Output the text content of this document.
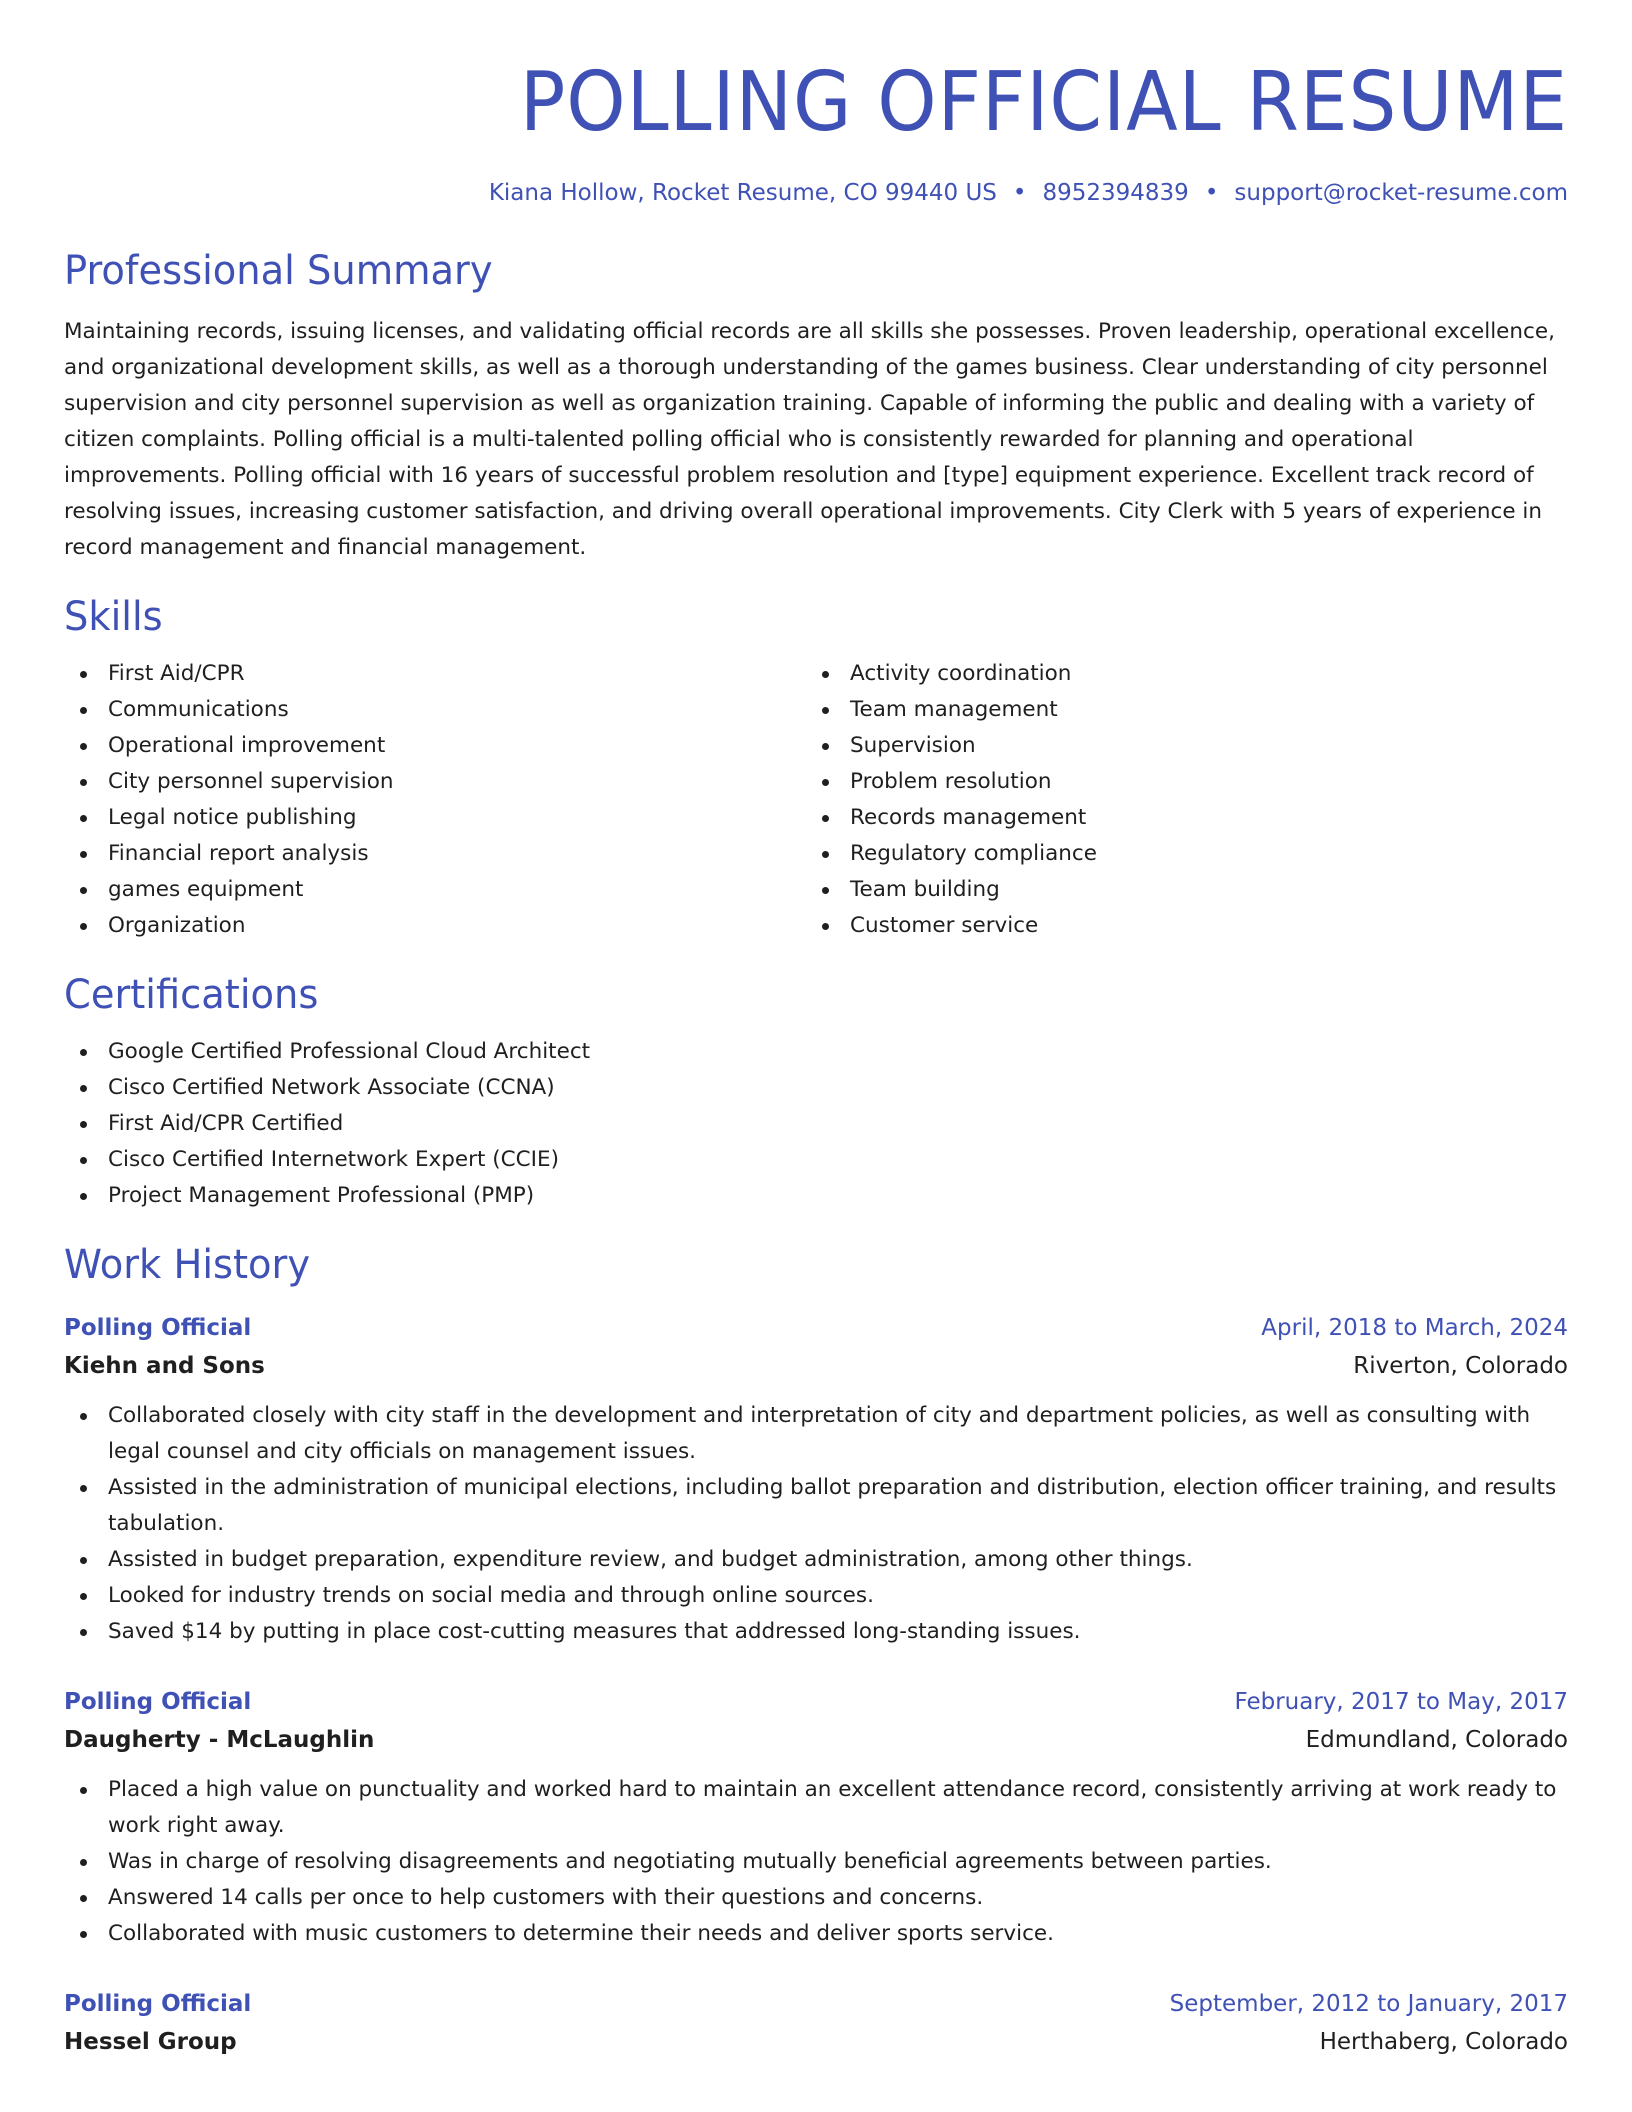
POLLING OFFICIAL RESUME
Kiana Hollow, Rocket Resume, CO 99440 US • 8952394839 • support@rocket-resume.com
Professional Summary
Maintaining records, issuing licenses, and validating official records are all skills she possesses. Proven leadership, operational excellence, and organizational development skills, as well as a thorough understanding of the games business. Clear understanding of city personnel supervision and city personnel supervision as well as organization training. Capable of informing the public and dealing with a variety of citizen complaints. Polling official is a multi-talented polling official who is consistently rewarded for planning and operational improvements. Polling official with 16 years of successful problem resolution and [type] equipment experience. Excellent track record of resolving issues, increasing customer satisfaction, and driving overall operational improvements. City Clerk with 5 years of experience in record management and financial management.
Skills
First Aid/CPR
Communications
Operational improvement
City personnel supervision
Legal notice publishing
Financial report analysis
games equipment
Organization
Activity coordination
Team management
Supervision
Problem resolution
Records management
Regulatory compliance
Team building
Customer service
Certifications
Google Certified Professional Cloud Architect
Cisco Certified Network Associate (CCNA)
First Aid/CPR Certified
Cisco Certified Internetwork Expert (CCIE)
Project Management Professional (PMP)
Work History
Polling Official	April, 2018 to March, 2024
Kiehn and Sons	Riverton, Colorado
Collaborated closely with city staff in the development and interpretation of city and department policies, as well as consulting with legal counsel and city officials on management issues.
Assisted in the administration of municipal elections, including ballot preparation and distribution, election officer training, and results tabulation.
Assisted in budget preparation, expenditure review, and budget administration, among other things.
Looked for industry trends on social media and through online sources.
Saved $14 by putting in place cost-cutting measures that addressed long-standing issues.
Polling Official	February, 2017 to May, 2017
Daugherty - McLaughlin	Edmundland, Colorado
Placed a high value on punctuality and worked hard to maintain an excellent attendance record, consistently arriving at work ready to work right away.
Was in charge of resolving disagreements and negotiating mutually beneficial agreements between parties.
Answered 14 calls per once to help customers with their questions and concerns.
Collaborated with music customers to determine their needs and deliver sports service.
Polling Official	September, 2012 to January, 2017
Hessel Group	Herthaberg, Colorado
